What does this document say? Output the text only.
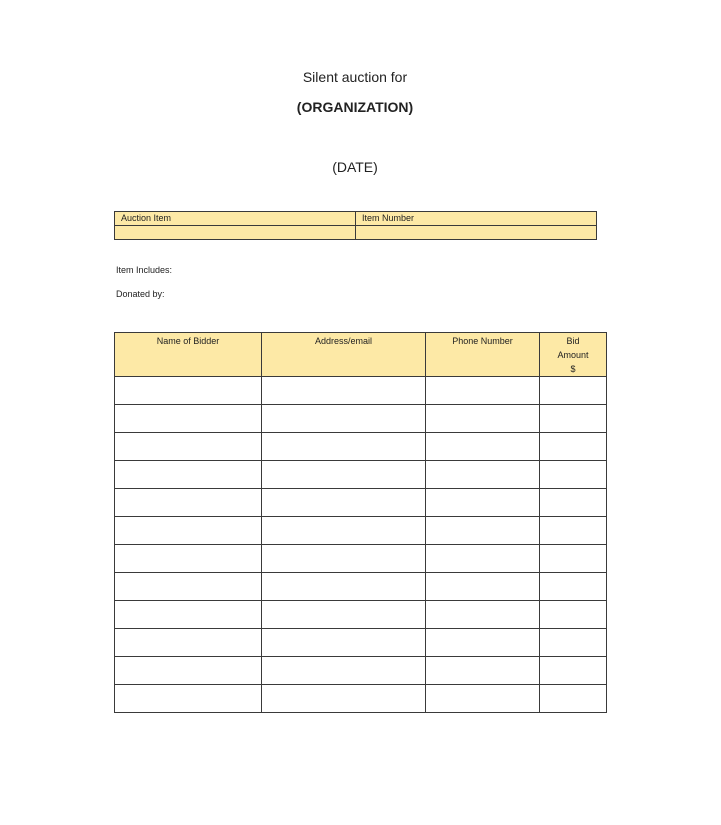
Silent auction for

(ORGANIZATION)

(DATE)

Auction Item	Item Number

Item Includes:

Donated by:

Name of Bidder	Address/email	Phone Number	Bid
Amount
$
